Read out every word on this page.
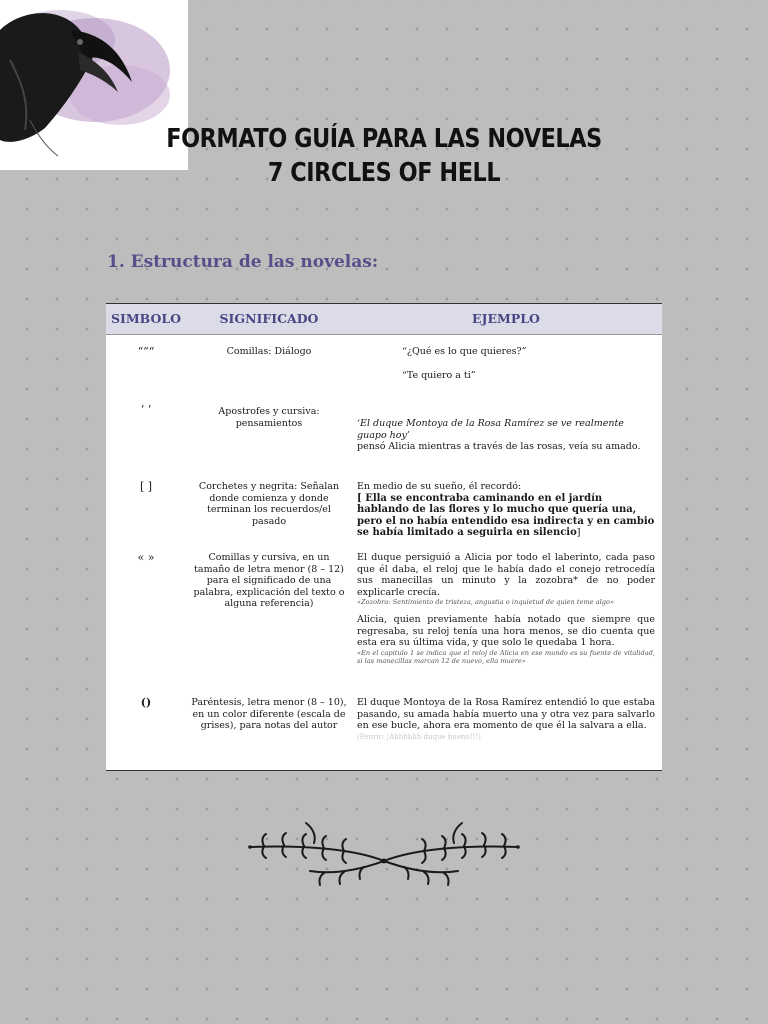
FORMATO GUÍA PARA LAS NOVELAS
7 CIRCLES OF HELL
1. Estructura de las novelas:
SIMBOLO	SIGNIFICADO	EJEMPLO
“““	Comillas: Diálogo	“¿Qué es lo que quieres?”

“Te quiero a ti”

‘ ‘	Apostrofes y cursiva: pensamientos	‘El duque Montoya de la Rosa Ramírez se ve realmente guapo hoy’

pensó Alicia mientras a través de las rosas, veía su amado.

[ ]	Corchetes y negrita: Señalan donde comienza y donde terminan los recuerdos/el pasado

En medio de su sueño, él recordó:

[ Ella se encontraba caminando en el jardín hablando de las flores y lo mucho que quería una, pero el no había entendido esa indirecta y en cambio se había limitado a seguirla en silencio]

« »	Comillas y cursiva, en un tamaño de letra menor (8 – 12) para el significado de una palabra, explicación del texto o alguna referencia)

El duque persiguió a Alicia por todo el laberinto, cada paso que él daba, el reloj que le había dado el conejo retrocedía sus manecillas un minuto y la zozobra* de no poder explicarle crecía.

«Zozobra: Sentimiento de tristeza, angustia o inquietud de quien teme algo»

Alicia, quien previamente había notado que siempre que regresaba, su reloj tenía una hora menos, se dio cuenta que esta era su última vida, y que solo le quedaba 1 hora.

«En el capitulo 1 se indica que el reloj de Alicia en ese mundo es su fuente de vitalidad, si las manecillas marcan 12 de nuevo, ella muere»

()	Paréntesis, letra menor (8 – 10), en un color diferente (escala de grises), para notas del autor

El duque Montoya de la Rosa Ramírez entendió lo que estaba pasando, su amada había muerto una y otra vez para salvarlo en ese bucle, ahora era momento de que él la salvara a ella.

(Fenrir: ¡Ahhhhhh duque bueno!!!)
